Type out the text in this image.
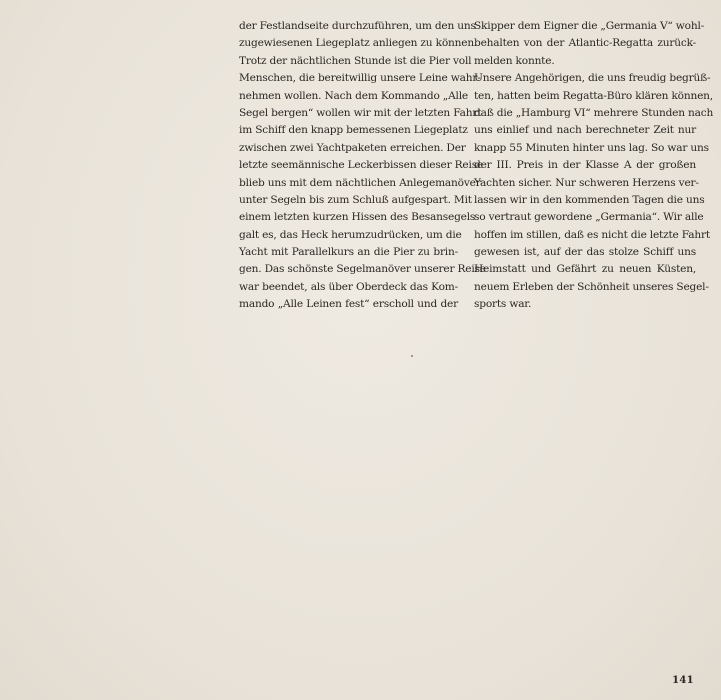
der Festlandseite durchzuführen, um den uns
zugewiesenen Liegeplatz anliegen zu können.
Trotz der nächtlichen Stunde ist die Pier voll
Menschen, die bereitwillig unsere Leine wahr-
nehmen wollen. Nach dem Kommando „Alle
Segel bergen“ wollen wir mit der letzten Fahrt
im Schiff den knapp bemessenen Liegeplatz
zwischen zwei Yachtpaketen erreichen. Der
letzte seemännische Leckerbissen dieser Reise
blieb uns mit dem nächtlichen Anlegemanöver
unter Segeln bis zum Schluß aufgespart. Mit
einem letzten kurzen Hissen des Besansegels
galt es, das Heck herumzudrücken, um die
Yacht mit Parallelkurs an die Pier zu brin-
gen. Das schönste Segelmanöver unserer Reise
war beendet, als über Oberdeck das Kom-
mando „Alle Leinen fest“ erscholl und der
Skipper dem Eigner die „Germania V“ wohl-
behalten von der Atlantic-Regatta zurück-
melden konnte.
Unsere Angehörigen, die uns freudig begrüß-
ten, hatten beim Regatta-Büro klären können,
daß die „Hamburg VI“ mehrere Stunden nach
uns einlief und nach berechneter Zeit nur
knapp 55 Minuten hinter uns lag. So war uns
der III. Preis in der Klasse A der großen
Yachten sicher. Nur schweren Herzens ver-
lassen wir in den kommenden Tagen die uns
so vertraut gewordene „Germania“. Wir alle
hoffen im stillen, daß es nicht die letzte Fahrt
gewesen ist, auf der das stolze Schiff uns
Heimstatt und Gefährt zu neuen Küsten,
neuem Erleben der Schönheit unseres Segel-
sports war.
141
